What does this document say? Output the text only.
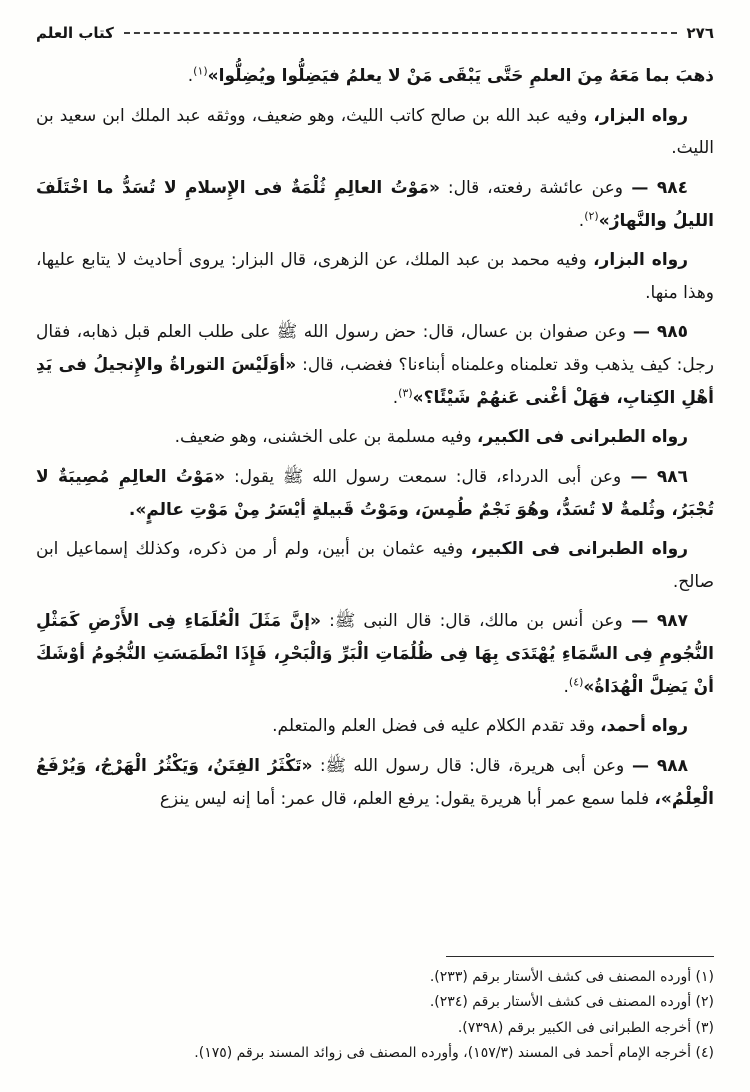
كتاب العلم	٢٧٦

ذهبَ بما مَعَهُ مِنَ العلمِ حَتَّى يَبْقَى مَنْ لا يعلمُ فيَضِلُّوا ويُضِلُّوا»$^{(١)}$.

رواه البزار، وفيه عبد الله بن صالح كاتب الليث، وهو ضعيف، ووثقه عبد الملك ابن سعيد بن الليث.

٩٨٤ — وعن عائشة رفعته، قال: «مَوْتُ العالِمِ ثُلْمَةٌ فى الإِسلامِ لا تُسَدُّ ما اخْتَلَفَ الليلُ والنَّهارُ»$^{(٢)}$.

رواه البزار، وفيه محمد بن عبد الملك، عن الزهرى، قال البزار: يروى أحاديث لا يتابع عليها، وهذا منها.

٩٨٥ — وعن صفوان بن عسال، قال: حض رسول الله ﷺ على طلب العلم قبل ذهابه، فقال رجل: كيف يذهب وقد تعلمناه وعلمناه أبناءنا؟ فغضب، قال: «أوَلَيْسَ التوراةُ والإِنجيلُ فى يَدِ أهْلِ الكِتابِ، فهَلْ أغْنى عَنهُمْ شَيْئًا؟»$^{(٣)}$.

رواه الطبرانى فى الكبير، وفيه مسلمة بن على الخشنى، وهو ضعيف.

٩٨٦ — وعن أبى الدرداء، قال: سمعت رسول الله ﷺ يقول: «مَوْتُ العالِمِ مُصِيبَةٌ لا تُجْبَرُ، وثُلمةٌ لا تُسَدُّ، وهُوَ نَجْمٌ طُمِسَ، ومَوْتُ قَبيلةٍ أيْسَرُ مِنْ مَوْتِ عالمٍ».

رواه الطبرانى فى الكبير، وفيه عثمان بن أبين، ولم أر من ذكره، وكذلك إسماعيل ابن صالح.

٩٨٧ — وعن أنس بن مالك، قال: قال النبى ﷺ: «إنَّ مَثَلَ الْعُلَمَاءِ فِى الأَرْضِ كَمَثْلِ النُّجُومِ فِى السَّمَاءِ يُهْتَدَى بِهَا فِى ظُلُمَاتِ الْبَرِّ وَالْبَحْرِ، فَإِذَا انْطَمَسَتِ النُّجُومُ أوْشَكَ أنْ يَضِلَّ الْهُدَاةُ»$^{(٤)}$.

رواه أحمد، وقد تقدم الكلام عليه فى فضل العلم والمتعلم.

٩٨٨ — وعن أبى هريرة، قال: قال رسول الله ﷺ: «تَكْثَرُ الفِتَنُ، وَيَكْثُرُ الْهَرْجُ، وَيُرْفَعُ الْعِلْمُ»، فلما سمع عمر أبا هريرة يقول: يرفع العلم، قال عمر: أما إنه ليس ينزع

(١) أورده المصنف فى كشف الأستار برقم (٢٣٣).

(٢) أورده المصنف فى كشف الأستار برقم (٢٣٤).

(٣) أخرجه الطبرانى فى الكبير برقم (٧٣٩٨).

(٤) أخرجه الإمام أحمد فى المسند (١٥٧/٣)، وأورده المصنف فى زوائد المسند برقم (١٧٥).
